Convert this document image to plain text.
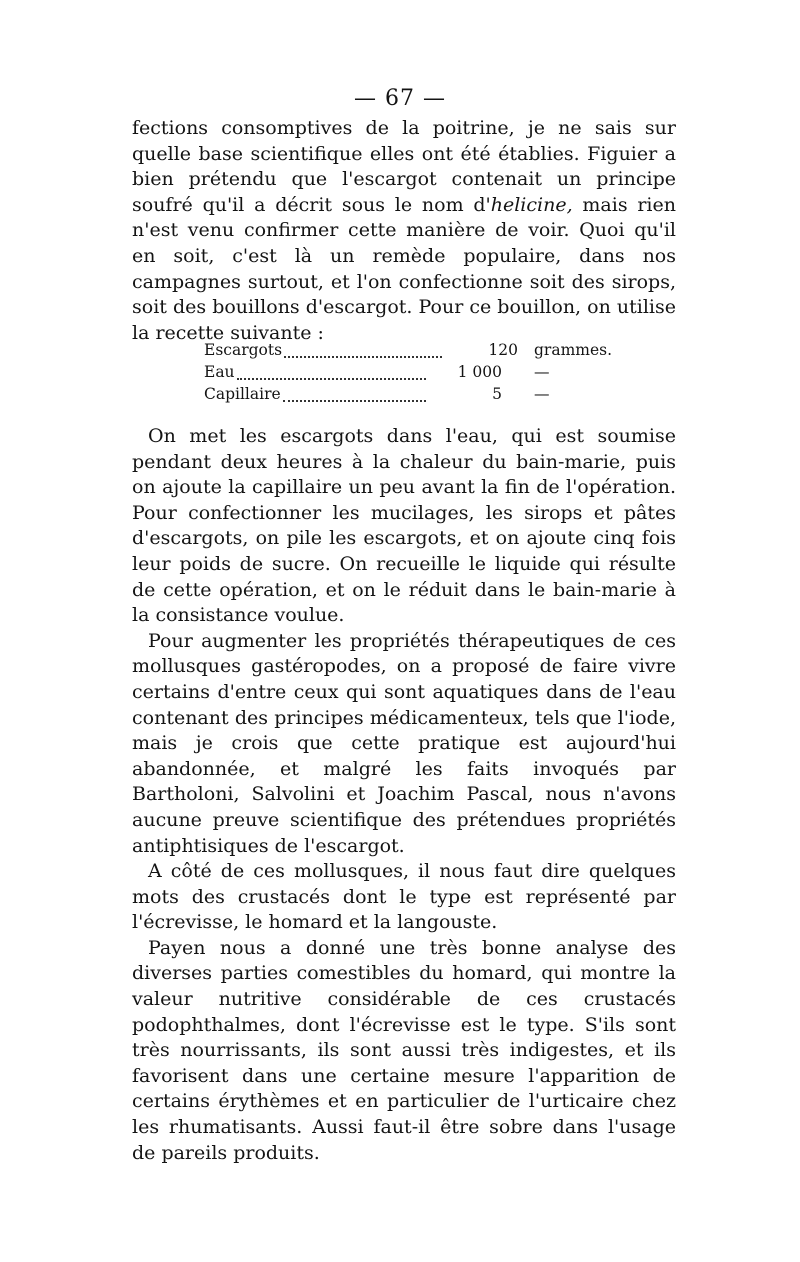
— 67 —

fections consomptives de la poitrine, je ne sais sur quelle base scientifique elles ont été établies. Figuier a bien prétendu que l'escargot contenait un principe soufré qu'il a décrit sous le nom d'helicine, mais rien n'est venu confirmer cette manière de voir. Quoi qu'il en soit, c'est là un remède populaire, dans nos campagnes surtout, et l'on confectionne soit des sirops, soit des bouillons d'escargot. Pour ce bouillon, on utilise la recette suivante :

Escargots	120	grammes.
Eau	1 000	—
Capillaire	5	—

On met les escargots dans l'eau, qui est soumise pendant deux heures à la chaleur du bain-marie, puis on ajoute la capillaire un peu avant la fin de l'opération. Pour confectionner les mucilages, les sirops et pâtes d'escargots, on pile les escargots, et on ajoute cinq fois leur poids de sucre. On recueille le liquide qui résulte de cette opération, et on le réduit dans le bain-marie à la consistance voulue.

Pour augmenter les propriétés thérapeutiques de ces mollusques gastéropodes, on a proposé de faire vivre certains d'entre ceux qui sont aquatiques dans de l'eau contenant des principes médicamenteux, tels que l'iode, mais je crois que cette pratique est aujourd'hui abandonnée, et malgré les faits invoqués par Bartholoni, Salvolini et Joachim Pascal, nous n'avons aucune preuve scientifique des prétendues propriétés antiphtisiques de l'escargot.

A côté de ces mollusques, il nous faut dire quelques mots des crustacés dont le type est représenté par l'écrevisse, le homard et la langouste.

Payen nous a donné une très bonne analyse des diverses parties comestibles du homard, qui montre la valeur nutritive considérable de ces crustacés podophthalmes, dont l'écrevisse est le type. S'ils sont très nourrissants, ils sont aussi très indigestes, et ils favorisent dans une certaine mesure l'apparition de certains érythèmes et en particulier de l'urticaire chez les rhumatisants. Aussi faut-il être sobre dans l'usage de pareils produits.
